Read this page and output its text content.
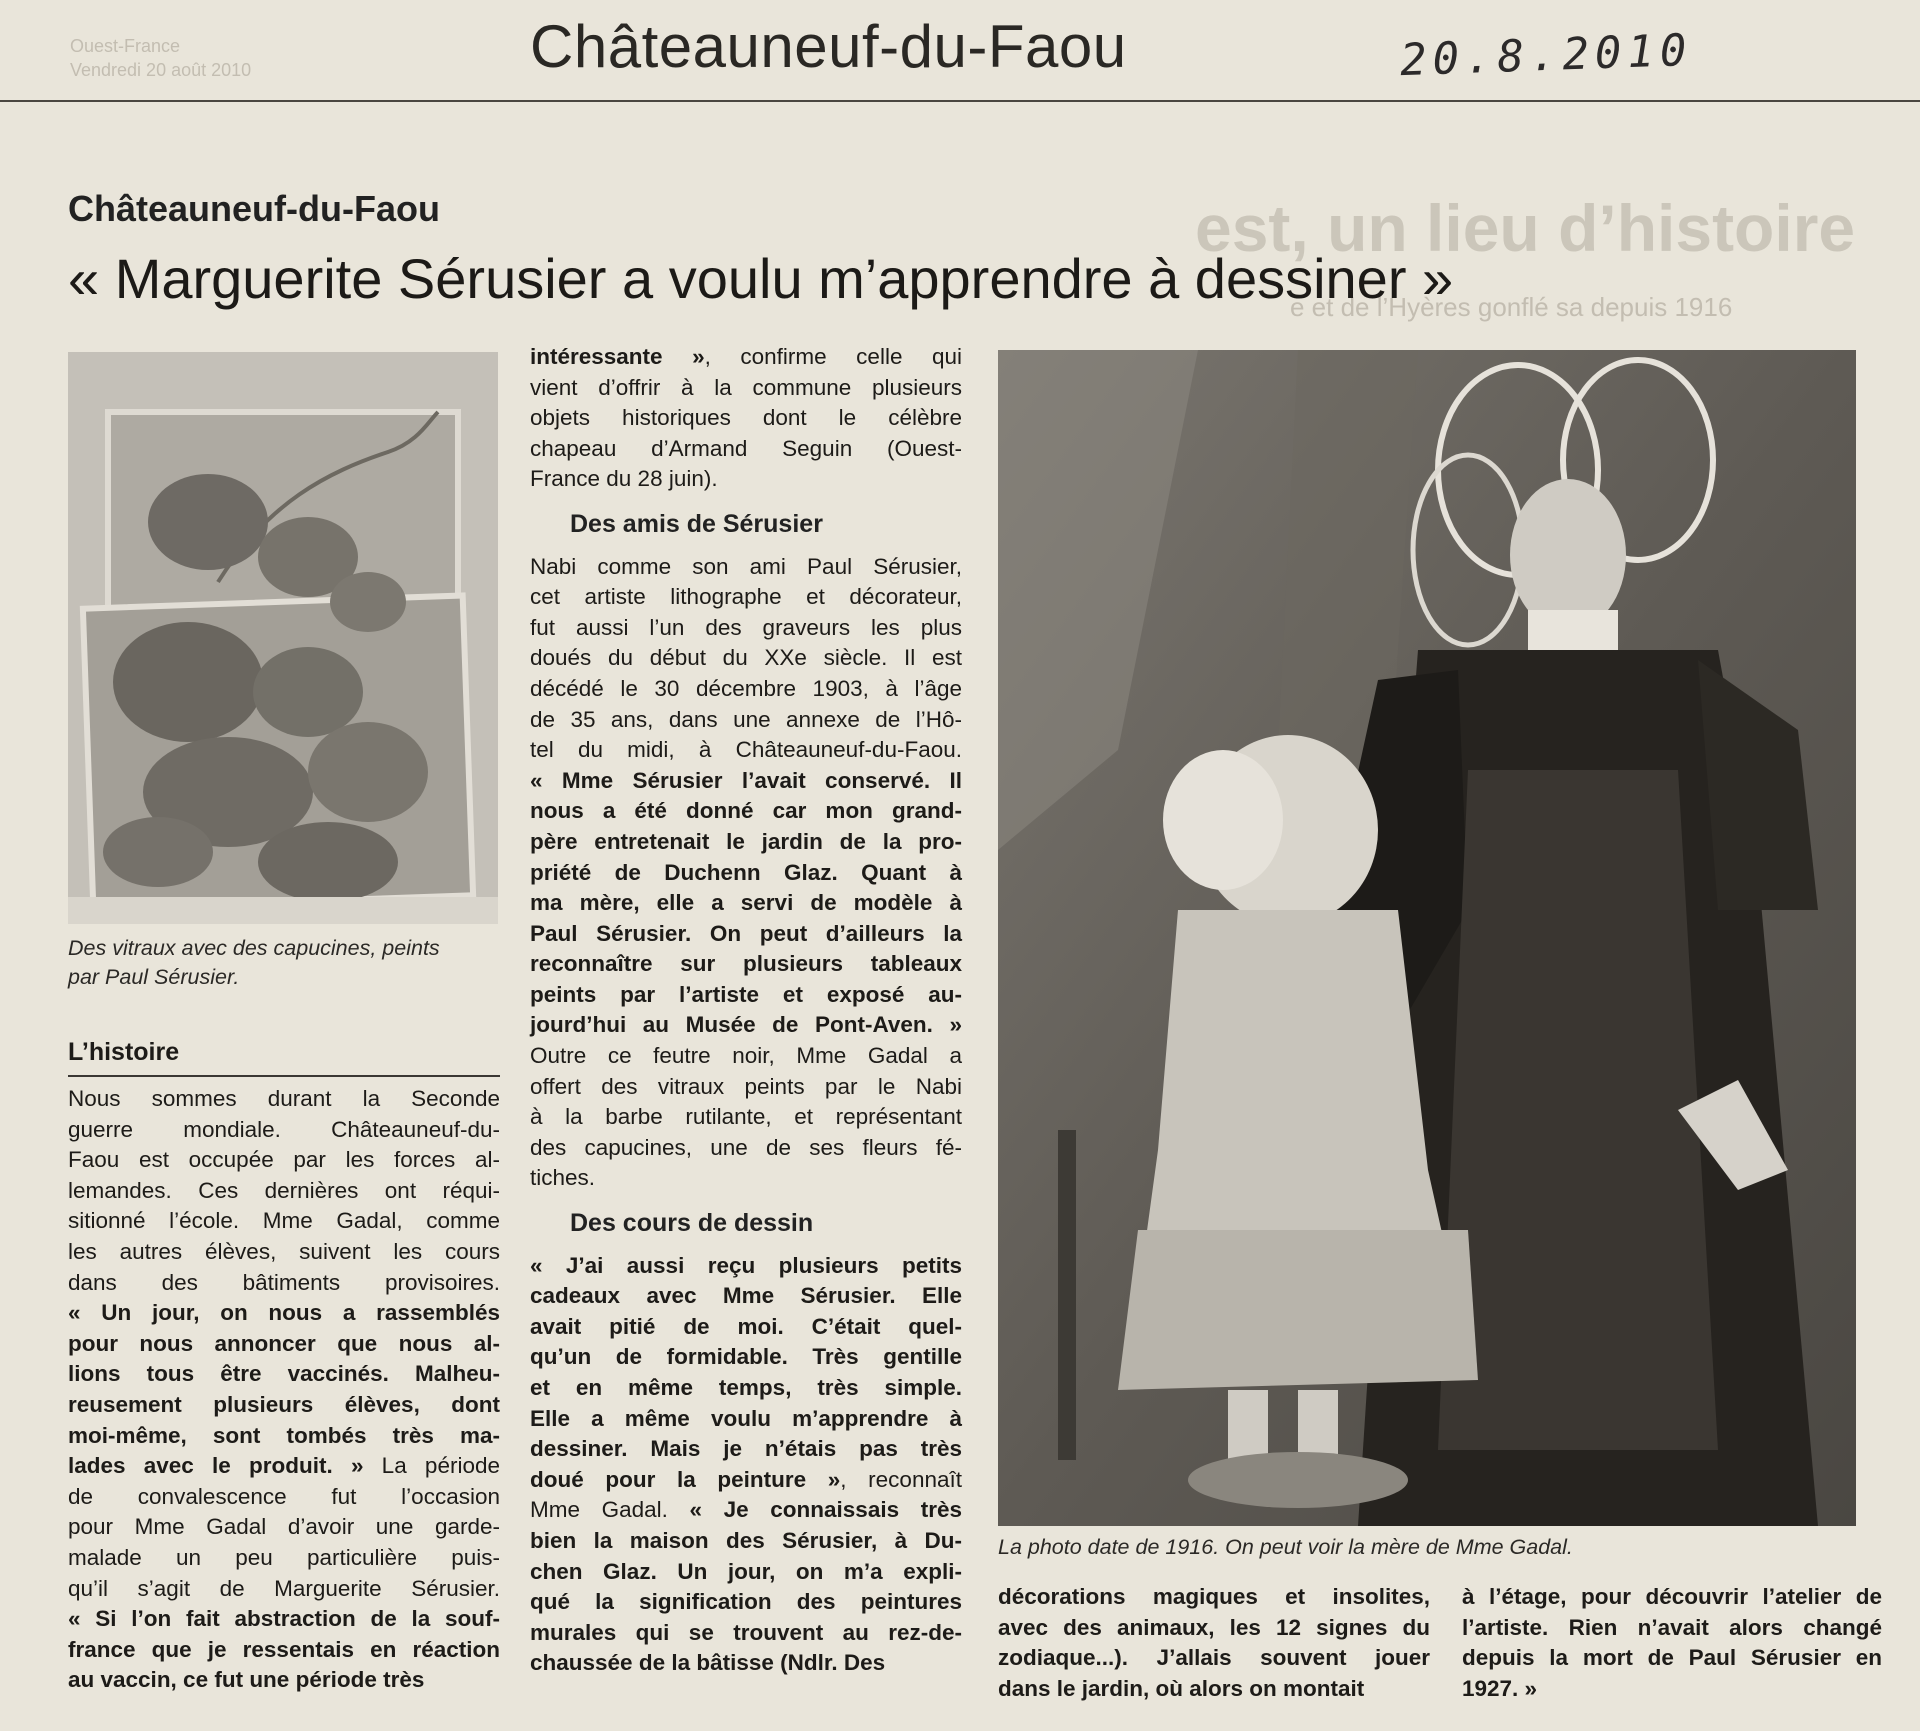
Ouest-France
Vendredi 20 août 2010
est, un lieu d’histoire
e et de l’Hyères gonflé sa depuis 1916
Châteauneuf-du-Faou	20.8.2010
Châteauneuf-du-Faou
« Marguerite Sérusier a voulu m’apprendre à dessiner »
Des vitraux avec des capucines, peints
par Paul Sérusier.
L’histoire
Nous sommes durant la Seconde
guerre mondiale. Châteauneuf-du-
Faou est occupée par les forces al-
lemandes. Ces dernières ont réqui-
sitionné l’école. Mme Gadal, comme
les autres élèves, suivent les cours
dans des bâtiments provisoires.
« Un jour, on nous a rassemblés
pour nous annoncer que nous al-
lions tous être vaccinés. Malheu-
reusement plusieurs élèves, dont
moi-même, sont tombés très ma-
lades avec le produit. » La période
de convalescence fut l’occasion
pour Mme Gadal d’avoir une garde-
malade un peu particulière puis-
qu’il s’agit de Marguerite Sérusier.
« Si l’on fait abstraction de la souf-
france que je ressentais en réaction
au vaccin, ce fut une période très
intéressante », confirme celle qui
vient d’offrir à la commune plusieurs
objets historiques dont le célèbre
chapeau d’Armand Seguin (Ouest-
France du 28 juin).
Des amis de Sérusier
Nabi comme son ami Paul Sérusier,
cet artiste lithographe et décorateur,
fut aussi l’un des graveurs les plus
doués du début du XXe siècle. Il est
décédé le 30 décembre 1903, à l’âge
de 35 ans, dans une annexe de l’Hô-
tel du midi, à Châteauneuf-du-Faou.
« Mme Sérusier l’avait conservé. Il
nous a été donné car mon grand-
père entretenait le jardin de la pro-
priété de Duchenn Glaz. Quant à
ma mère, elle a servi de modèle à
Paul Sérusier. On peut d’ailleurs la
reconnaître sur plusieurs tableaux
peints par l’artiste et exposé au-
jourd’hui au Musée de Pont-Aven. »
Outre ce feutre noir, Mme Gadal a
offert des vitraux peints par le Nabi
à la barbe rutilante, et représentant
des capucines, une de ses fleurs fé-
tiches.
Des cours de dessin
« J’ai aussi reçu plusieurs petits
cadeaux avec Mme Sérusier. Elle
avait pitié de moi. C’était quel-
qu’un de formidable. Très gentille
et en même temps, très simple.
Elle a même voulu m’apprendre à
dessiner. Mais je n’étais pas très
doué pour la peinture », reconnaît
Mme Gadal. « Je connaissais très
bien la maison des Sérusier, à Du-
chen Glaz. Un jour, on m’a expli-
qué la signification des peintures
murales qui se trouvent au rez-de-
chaussée de la bâtisse (Ndlr. Des
La photo date de 1916. On peut voir la mère de Mme Gadal.
décorations magiques et insolites,
avec des animaux, les 12 signes du
zodiaque...). J’allais souvent jouer
dans le jardin, où alors on montait
à l’étage, pour découvrir l’atelier de
l’artiste. Rien n’avait alors changé
depuis la mort de Paul Sérusier en
1927. »
